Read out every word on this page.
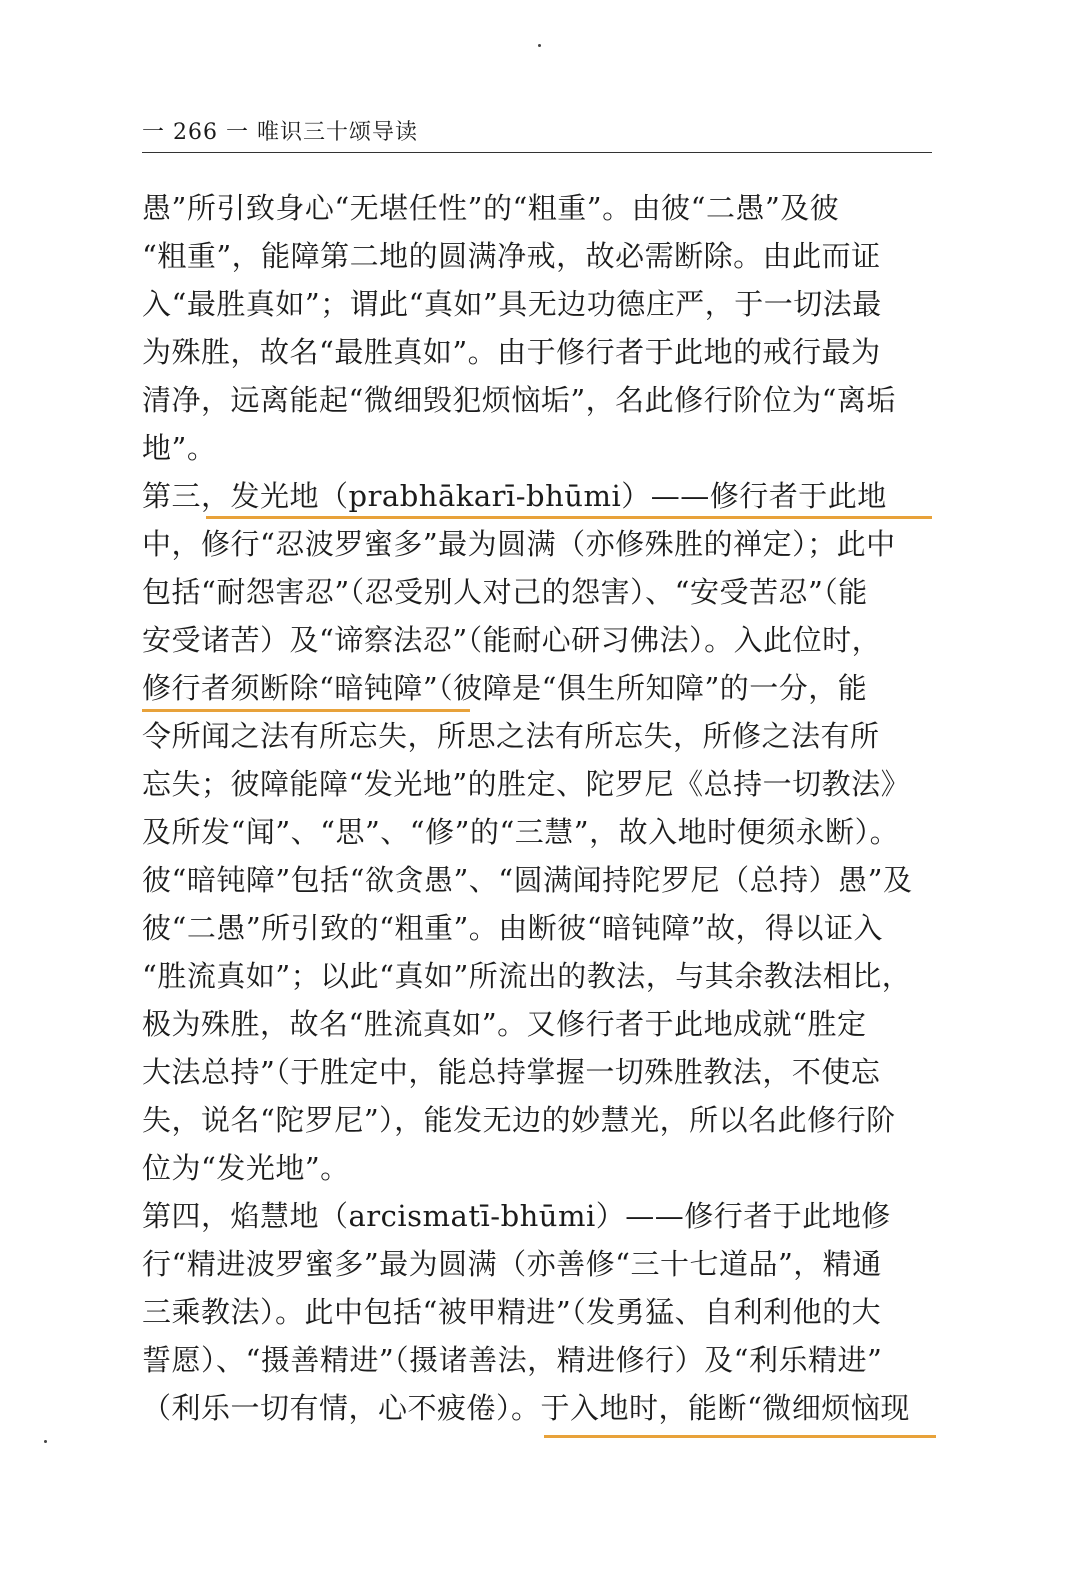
一 266 一 唯识三十颂导读
愚”所引致身心“无堪任性”的“粗重”。由彼“二愚”及彼
“粗重”，能障第二地的圆满净戒，故必需断除。由此而证
入“最胜真如”；谓此“真如”具无边功德庄严，于一切法最
为殊胜，故名“最胜真如”。由于修行者于此地的戒行最为
清净，远离能起“微细毁犯烦恼垢”，名此修行阶位为“离垢
地”。
第三，发光地（prabhākarī-bhūmi）——修行者于此地
中，修行“忍波罗蜜多”最为圆满（亦修殊胜的禅定）；此中
包括“耐怨害忍”（忍受别人对己的怨害）、“安受苦忍”（能
安受诸苦）及“谛察法忍”（能耐心研习佛法）。入此位时，
修行者须断除“暗钝障”（彼障是“俱生所知障”的一分，能
令所闻之法有所忘失，所思之法有所忘失，所修之法有所
忘失；彼障能障“发光地”的胜定、陀罗尼《总持一切教法》
及所发“闻”、“思”、“修”的“三慧”，故入地时便须永断）。
彼“暗钝障”包括“欲贪愚”、“圆满闻持陀罗尼（总持）愚”及
彼“二愚”所引致的“粗重”。由断彼“暗钝障”故，得以证入
“胜流真如”；以此“真如”所流出的教法，与其余教法相比，
极为殊胜，故名“胜流真如”。又修行者于此地成就“胜定
大法总持”（于胜定中，能总持掌握一切殊胜教法，不使忘
失，说名“陀罗尼”），能发无边的妙慧光，所以名此修行阶
位为“发光地”。
第四，焰慧地（arcismatī-bhūmi）——修行者于此地修
行“精进波罗蜜多”最为圆满（亦善修“三十七道品”，精通
三乘教法）。此中包括“被甲精进”（发勇猛、自利利他的大
誓愿）、“摄善精进”（摄诸善法，精进修行）及“利乐精进”
（利乐一切有情，心不疲倦）。于入地时，能断“微细烦恼现
